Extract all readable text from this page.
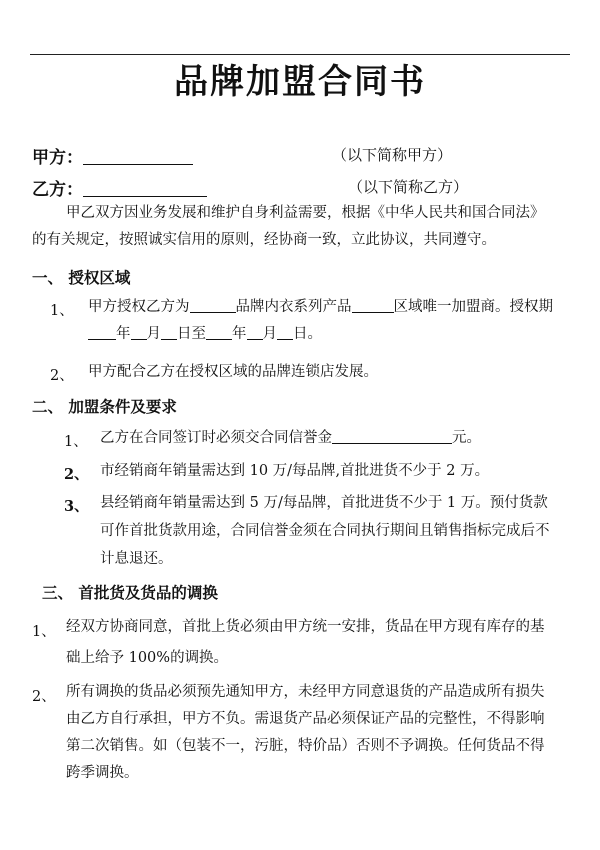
品牌加盟合同书
甲方：	（以下简称甲方）
乙方：	（以下简称乙方）
甲乙双方因业务发展和维护自身利益需要，根据《中华人民共和国合同法》
的有关规定，按照诚实信用的原则，经协商一致，立此协议，共同遵守。
一、 授权区域
1、 甲方授权乙方为	品牌内衣系列产品	区域唯一加盟商。授权期
年 月 日至 年 月 日。
2、 甲方配合乙方在授权区域的品牌连锁店发展。
二、 加盟条件及要求
1、 乙方在合同签订时必须交合同信誉金	元。
2、 市经销商年销量需达到 10 万/每品牌,首批进货不少于 2 万。
3、 县经销商年销量需达到 5 万/每品牌，首批进货不少于 1 万。预付货款
可作首批货款用途，合同信誉金须在合同执行期间且销售指标完成后不
计息退还。
三、 首批货及货品的调换
1、 经双方协商同意，首批上货必须由甲方统一安排，货品在甲方现有库存的基
础上给予 100%的调换。
2、 所有调换的货品必须预先通知甲方，未经甲方同意退货的产品造成所有损失
由乙方自行承担，甲方不负。需退货产品必须保证产品的完整性，不得影响
第二次销售。如（包装不一，污脏，特价品）否则不予调换。任何货品不得
跨季调换。
